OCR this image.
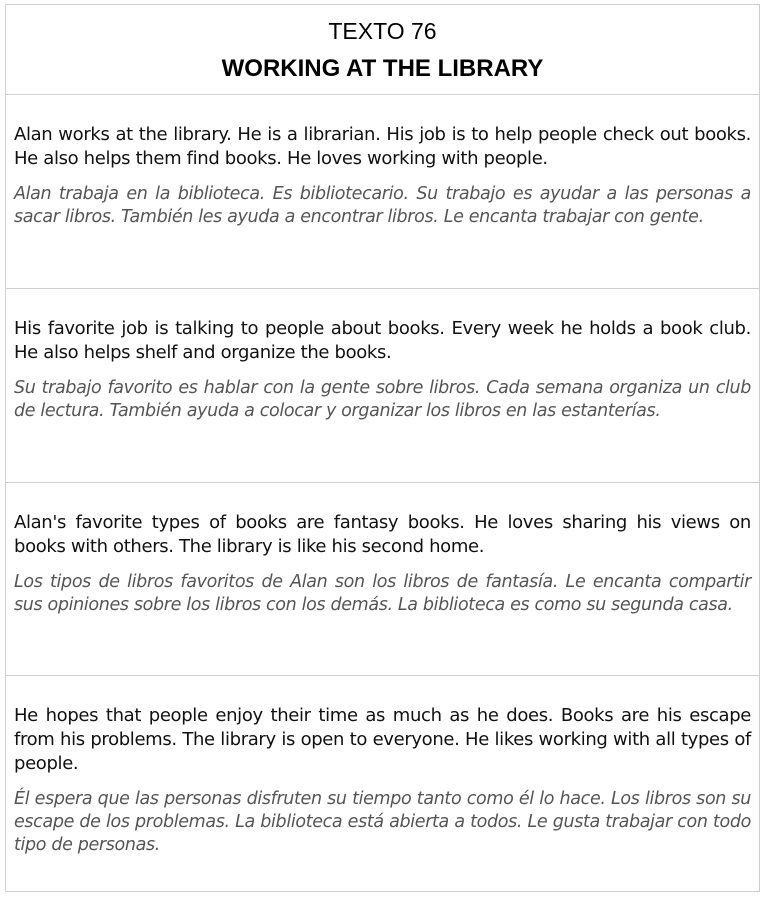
TEXTO 76
WORKING AT THE LIBRARY

Alan works at the library. He is a librarian. His job is to help people check out books. He also helps them find books. He loves working with people.

Alan trabaja en la biblioteca. Es bibliotecario. Su trabajo es ayudar a las personas a sacar libros. También les ayuda a encontrar libros. Le encanta trabajar con gente.

His favorite job is talking to people about books. Every week he holds a book club. He also helps shelf and organize the books.

Su trabajo favorito es hablar con la gente sobre libros. Cada semana organiza un club de lectura. También ayuda a colocar y organizar los libros en las estanterías.

Alan's favorite types of books are fantasy books. He loves sharing his views on books with others. The library is like his second home.

Los tipos de libros favoritos de Alan son los libros de fantasía. Le encanta compartir sus opiniones sobre los libros con los demás. La biblioteca es como su segunda casa.

He hopes that people enjoy their time as much as he does. Books are his escape from his problems. The library is open to everyone. He likes working with all types of people.

Él espera que las personas disfruten su tiempo tanto como él lo hace. Los libros son su escape de los problemas. La biblioteca está abierta a todos. Le gusta trabajar con todo tipo de personas.
